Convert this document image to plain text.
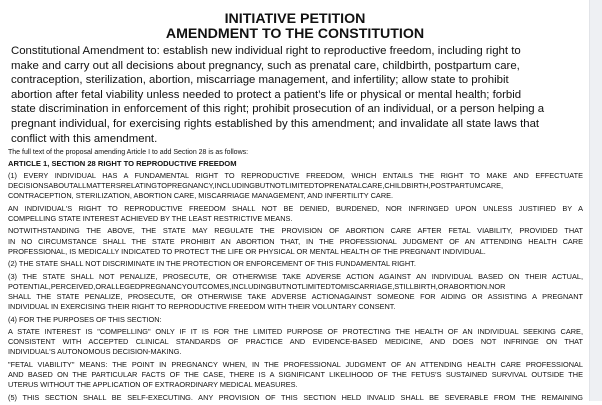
INITIATIVE PETITION
AMENDMENT TO THE CONSTITUTION
Constitutional Amendment to: establish new individual right to reproductive freedom, including right to
make and carry out all decisions about pregnancy, such as prenatal care, childbirth, postpartum care,
contraception, sterilization, abortion, miscarriage management, and infertility; allow state to prohibit
abortion after fetal viability unless needed to protect a patient’s life or physical or mental health; forbid
state discrimination in enforcement of this right; prohibit prosecution of an individual, or a person helping a
pregnant individual, for exercising rights established by this amendment; and invalidate all state laws that
conflict with this amendment.
The full text of the proposal amending Article I to add Section 28 is as follows:
ARTICLE 1, SECTION 28 RIGHT TO REPRODUCTIVE FREEDOM
(1) EVERY INDIVIDUAL HAS A FUNDAMENTAL RIGHT TO REPRODUCTIVE FREEDOM, WHICH ENTAILS THE RIGHT TO MAKE AND EFFECTUATE
DECISIONSABOUTALLMATTERSRELATINGTOPREGNANCY,INCLUDINGBUTNOTLIMITEDTOPRENATALCARE,CHILDBIRTH,POSTPARTUMCARE,
CONTRACEPTION, STERILIZATION, ABORTION CARE, MISCARRIAGE MANAGEMENT, AND INFERTILITY CARE.
AN INDIVIDUAL'S RIGHT TO REPRODUCTIVE FREEDOM SHALL NOT BE DENIED, BURDENED, NOR INFRINGED UPON UNLESS JUSTIFIED BY A
COMPELLING STATE INTEREST ACHIEVED BY THE LEAST RESTRICTIVE MEANS.
NOTWITHSTANDING THE ABOVE, THE STATE MAY REGULATE THE PROVISION OF ABORTION CARE AFTER FETAL VIABILITY, PROVIDED THAT
IN NO CIRCUMSTANCE SHALL THE STATE PROHIBIT AN ABORTION THAT, IN THE PROFESSIONAL JUDGMENT OF AN ATTENDING HEALTH CARE
PROFESSIONAL, IS MEDICALLY INDICATED TO PROTECT THE LIFE OR PHYSICAL OR MENTAL HEALTH OF THE PREGNANT INDIVIDUAL.
(2) THE STATE SHALL NOT DISCRIMINATE IN THE PROTECTION OR ENFORCEMENT OF THIS FUNDAMENTAL RIGHT.
(3) THE STATE SHALL NOT PENALIZE, PROSECUTE, OR OTHERWISE TAKE ADVERSE ACTION AGAINST AN INDIVIDUAL BASED ON THEIR ACTUAL,
POTENTIAL,PERCEIVED,ORALLEGEDPREGNANCYOUTCOMES,INCLUDINGBUTNOTLIMITEDTOMISCARRIAGE,STILLBIRTH,ORABORTION.NOR
SHALL THE STATE PENALIZE, PROSECUTE, OR OTHERWISE TAKE ADVERSE ACTIONAGAINST SOMEONE FOR AIDING OR ASSISTING A PREGNANT
INDIVIDUAL IN EXERCISING THEIR RIGHT TO REPRODUCTIVE FREEDOM WITH THEIR VOLUNTARY CONSENT.
(4) FOR THE PURPOSES OF THIS SECTION:
A STATE INTEREST IS "COMPELLING" ONLY IF IT IS FOR THE LIMITED PURPOSE OF PROTECTING THE HEALTH OF AN INDIVIDUAL SEEKING CARE,
CONSISTENT WITH ACCEPTED CLINICAL STANDARDS OF PRACTICE AND EVIDENCE-BASED MEDICINE, AND DOES NOT INFRINGE ON THAT
INDIVIDUAL'S AUTONOMOUS DECISION-MAKING.
"FETAL VIABILITY" MEANS: THE POINT IN PREGNANCY WHEN, IN THE PROFESSIONAL JUDGMENT OF AN ATTENDING HEALTH CARE PROFESSIONAL
AND BASED ON THE PARTICULAR FACTS OF THE CASE, THERE IS A SIGNIFICANT LIKELIHOOD OF THE FETUS'S SUSTAINED SURVIVAL OUTSIDE THE
UTERUS WITHOUT THE APPLICATION OF EXTRAORDINARY MEDICAL MEASURES.
(5) THIS SECTION SHALL BE SELF-EXECUTING. ANY PROVISION OF THIS SECTION HELD INVALID SHALL BE SEVERABLE FROM THE REMAINING
